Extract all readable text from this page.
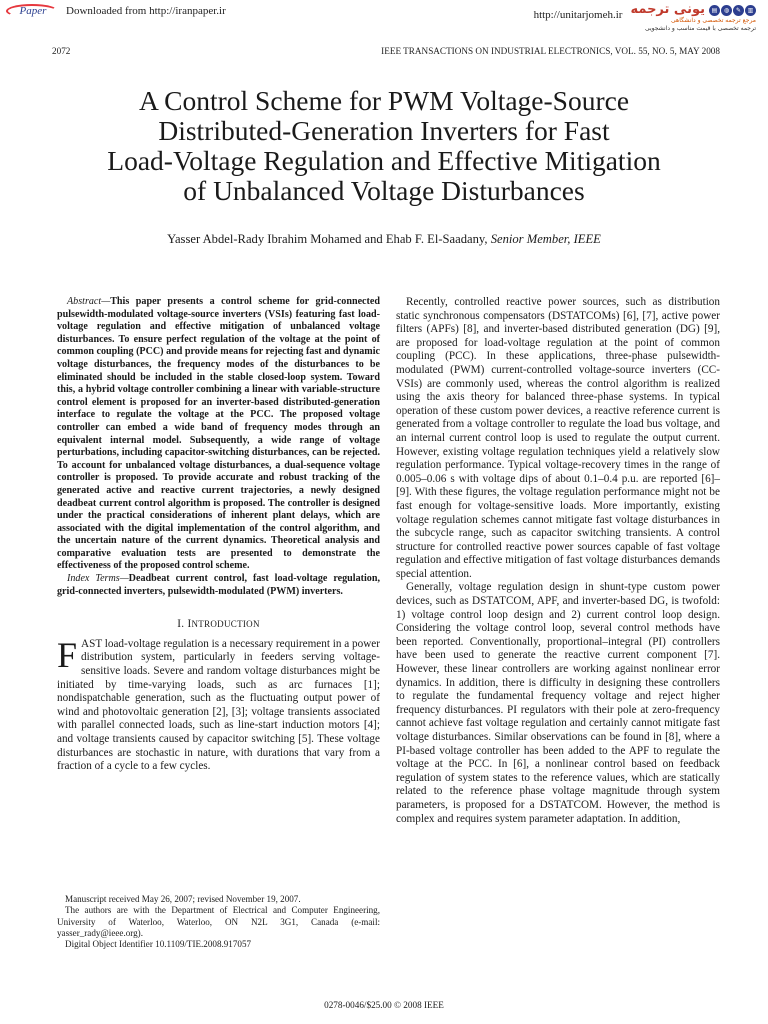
Paper Downloaded from http://iranpaper.ir	http://unitarjomeh.ir یونی ترجمه	▤	◍	✎	▥
مرجع ترجمه تخصصی و دانشگاهی
ترجمه تخصصی با قیمت مناسب و دانشجویی
2072	IEEE TRANSACTIONS ON INDUSTRIAL ELECTRONICS, VOL. 55, NO. 5, MAY 2008
A Control Scheme for PWM Voltage-Source
Distributed-Generation Inverters for Fast
Load-Voltage Regulation and Effective Mitigation
of Unbalanced Voltage Disturbances
Yasser Abdel-Rady Ibrahim Mohamed and Ehab F. El-Saadany, Senior Member, IEEE

Abstract—This paper presents a control scheme for grid-connected pulsewidth-modulated voltage-source inverters (VSIs) featuring fast load-voltage regulation and effective mitigation of unbalanced voltage disturbances. To ensure perfect regulation of the voltage at the point of common coupling (PCC) and provide means for rejecting fast and dynamic voltage disturbances, the frequency modes of the disturbances to be eliminated should be included in the stable closed-loop system. Toward this, a hybrid voltage controller combining a linear with variable-structure control element is proposed for an inverter-based distributed-generation interface to regulate the voltage at the PCC. The proposed voltage controller can embed a wide band of frequency modes through an equivalent internal model. Subsequently, a wide range of voltage perturbations, including capacitor-switching disturbances, can be rejected. To account for unbalanced voltage disturbances, a dual-sequence voltage controller is proposed. To provide accurate and robust tracking of the generated active and reactive current trajectories, a newly designed deadbeat current control algorithm is proposed. The controller is designed under the practical considerations of inherent plant delays, which are associated with the digital implementation of the control algorithm, and the uncertain nature of the current dynamics. Theoretical analysis and comparative evaluation tests are presented to demonstrate the effectiveness of the proposed control scheme.

Index Terms—Deadbeat current control, fast load-voltage regulation, grid-connected inverters, pulsewidth-modulated (PWM) inverters.

I. INTRODUCTION

FAST load-voltage regulation is a necessary requirement in a power distribution system, particularly in feeders serving voltage-sensitive loads. Severe and random voltage disturbances might be initiated by time-varying loads, such as arc furnaces [1]; nondispatchable generation, such as the fluctuating output power of wind and photovoltaic generation [2], [3]; voltage transients associated with parallel connected loads, such as line-start induction motors [4]; and voltage transients caused by capacitor switching [5]. These voltage disturbances are stochastic in nature, with durations that vary from a fraction of a cycle to a few cycles.

Manuscript received May 26, 2007; revised November 19, 2007.

The authors are with the Department of Electrical and Computer Engineering, University of Waterloo, Waterloo, ON N2L 3G1, Canada (e-mail: yasser_rady@ieee.org).

Digital Object Identifier 10.1109/TIE.2008.917057

Recently, controlled reactive power sources, such as distribution static synchronous compensators (DSTATCOMs) [6], [7], active power filters (APFs) [8], and inverter-based distributed generation (DG) [9], are proposed for load-voltage regulation at the point of common coupling (PCC). In these applications, three-phase pulsewidth-modulated (PWM) current-controlled voltage-source inverters (CC-VSIs) are commonly used, whereas the control algorithm is realized using the axis theory for balanced three-phase systems. In typical operation of these custom power devices, a reactive reference current is generated from a voltage controller to regulate the load bus voltage, and an internal current control loop is used to regulate the output current. However, existing voltage regulation techniques yield a relatively slow regulation performance. Typical voltage-recovery times in the range of 0.005–0.06 s with voltage dips of about 0.1–0.4 p.u. are reported [6]–[9]. With these figures, the voltage regulation performance might not be fast enough for voltage-sensitive loads. More importantly, existing voltage regulation schemes cannot mitigate fast voltage disturbances in the subcycle range, such as capacitor switching transients. A control structure for controlled reactive power sources capable of fast voltage regulation and effective mitigation of fast voltage disturbances demands special attention.

Generally, voltage regulation design in shunt-type custom power devices, such as DSTATCOM, APF, and inverter-based DG, is twofold: 1) voltage control loop design and 2) current control loop design. Considering the voltage control loop, several control methods have been reported. Conventionally, proportional–integral (PI) controllers have been used to generate the reactive current component [7]. However, these linear controllers are working against nonlinear error dynamics. In addition, there is difficulty in designing these controllers to regulate the fundamental frequency voltage and reject higher frequency disturbances. PI regulators with their pole at zero-frequency cannot achieve fast voltage regulation and certainly cannot mitigate fast voltage disturbances. Similar observations can be found in [8], where a PI-based voltage controller has been added to the APF to regulate the voltage at the PCC. In [6], a nonlinear control based on feedback regulation of system states to the reference values, which are statically related to the reference phase voltage magnitude through system parameters, is proposed for a DSTATCOM. However, the method is complex and requires system parameter adaptation. In addition,

0278-0046/$25.00 © 2008 IEEE
